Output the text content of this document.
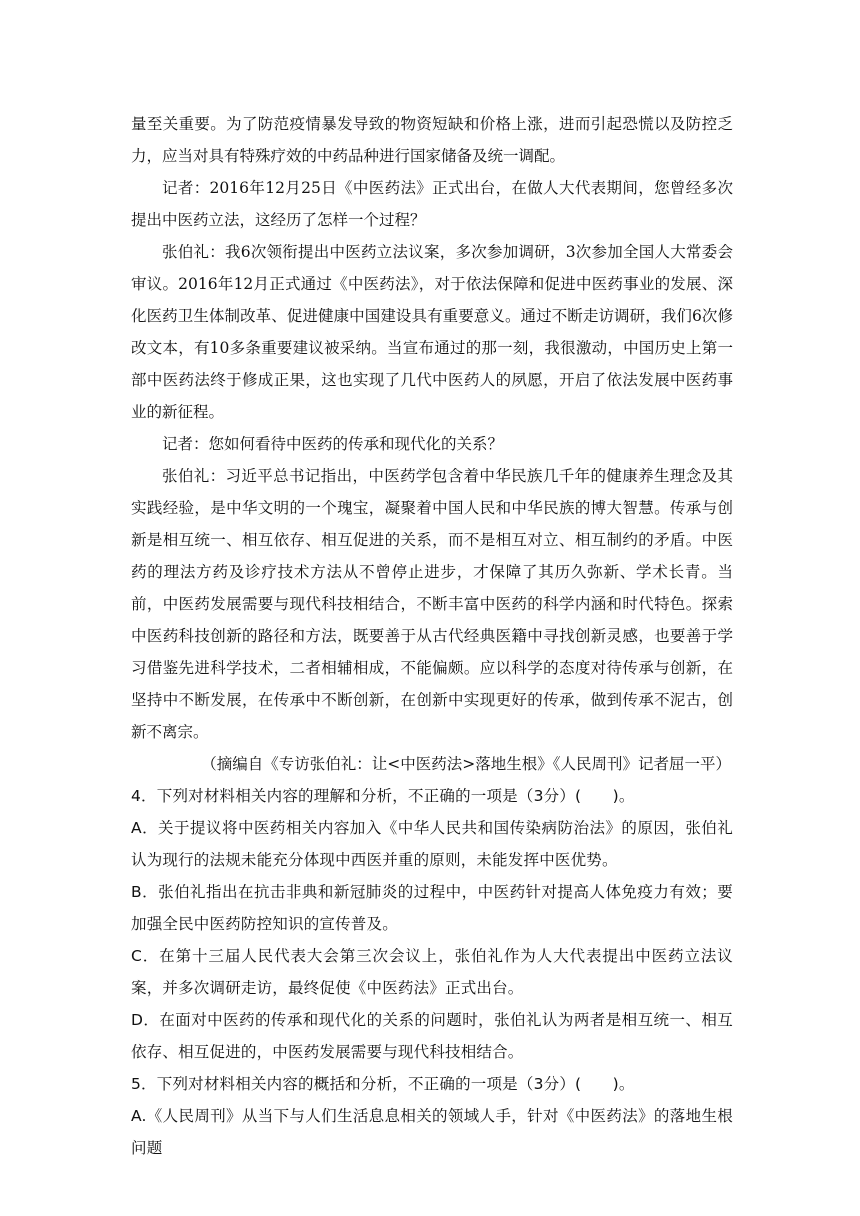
量至关重要。为了防范疫情暴发导致的物资短缺和价格上涨，进而引起恐慌以及防控乏力，应当对具有特殊疗效的中药品种进行国家储备及统一调配。

记者：2016年12月25日《中医药法》正式出台，在做人大代表期间，您曾经多次提出中医药立法，这经历了怎样一个过程？

张伯礼：我6次领衔提出中医药立法议案，多次参加调研，3次参加全国人大常委会审议。2016年12月正式通过《中医药法》，对于依法保障和促进中医药事业的发展、深化医药卫生体制改革、促进健康中国建设具有重要意义。通过不断走访调研，我们6次修改文本，有10多条重要建议被采纳。当宣布通过的那一刻，我很激动，中国历史上第一部中医药法终于修成正果，这也实现了几代中医药人的夙愿，开启了依法发展中医药事业的新征程。

记者：您如何看待中医药的传承和现代化的关系？

张伯礼：习近平总书记指出，中医药学包含着中华民族几千年的健康养生理念及其实践经验，是中华文明的一个瑰宝，凝聚着中国人民和中华民族的博大智慧。传承与创新是相互统一、相互依存、相互促进的关系，而不是相互对立、相互制约的矛盾。中医药的理法方药及诊疗技术方法从不曾停止进步，才保障了其历久弥新、学术长青。当前，中医药发展需要与现代科技相结合，不断丰富中医药的科学内涵和时代特色。探索中医药科技创新的路径和方法，既要善于从古代经典医籍中寻找创新灵感，也要善于学习借鉴先进科学技术，二者相辅相成，不能偏颇。应以科学的态度对待传承与创新，在坚持中不断发展，在传承中不断创新，在创新中实现更好的传承，做到传承不泥古，创新不离宗。

（摘编自《专访张伯礼：让<中医药法>落地生根》《人民周刊》记者屈一平）

4．下列对材料相关内容的理解和分析，不正确的一项是（3分）(　　)。

A．关于提议将中医药相关内容加入《中华人民共和国传染病防治法》的原因，张伯礼认为现行的法规未能充分体现中西医并重的原则，未能发挥中医优势。

B．张伯礼指出在抗击非典和新冠肺炎的过程中，中医药针对提高人体免疫力有效；要加强全民中医药防控知识的宣传普及。

C．在第十三届人民代表大会第三次会议上，张伯礼作为人大代表提出中医药立法议案，并多次调研走访，最终促使《中医药法》正式出台。

D．在面对中医药的传承和现代化的关系的问题时，张伯礼认为两者是相互统一、相互依存、相互促进的，中医药发展需要与现代科技相结合。

5．下列对材料相关内容的概括和分析，不正确的一项是（3分）(　　)。

A.《人民周刊》从当下与人们生活息息相关的领域人手，针对《中医药法》的落地生根问题
